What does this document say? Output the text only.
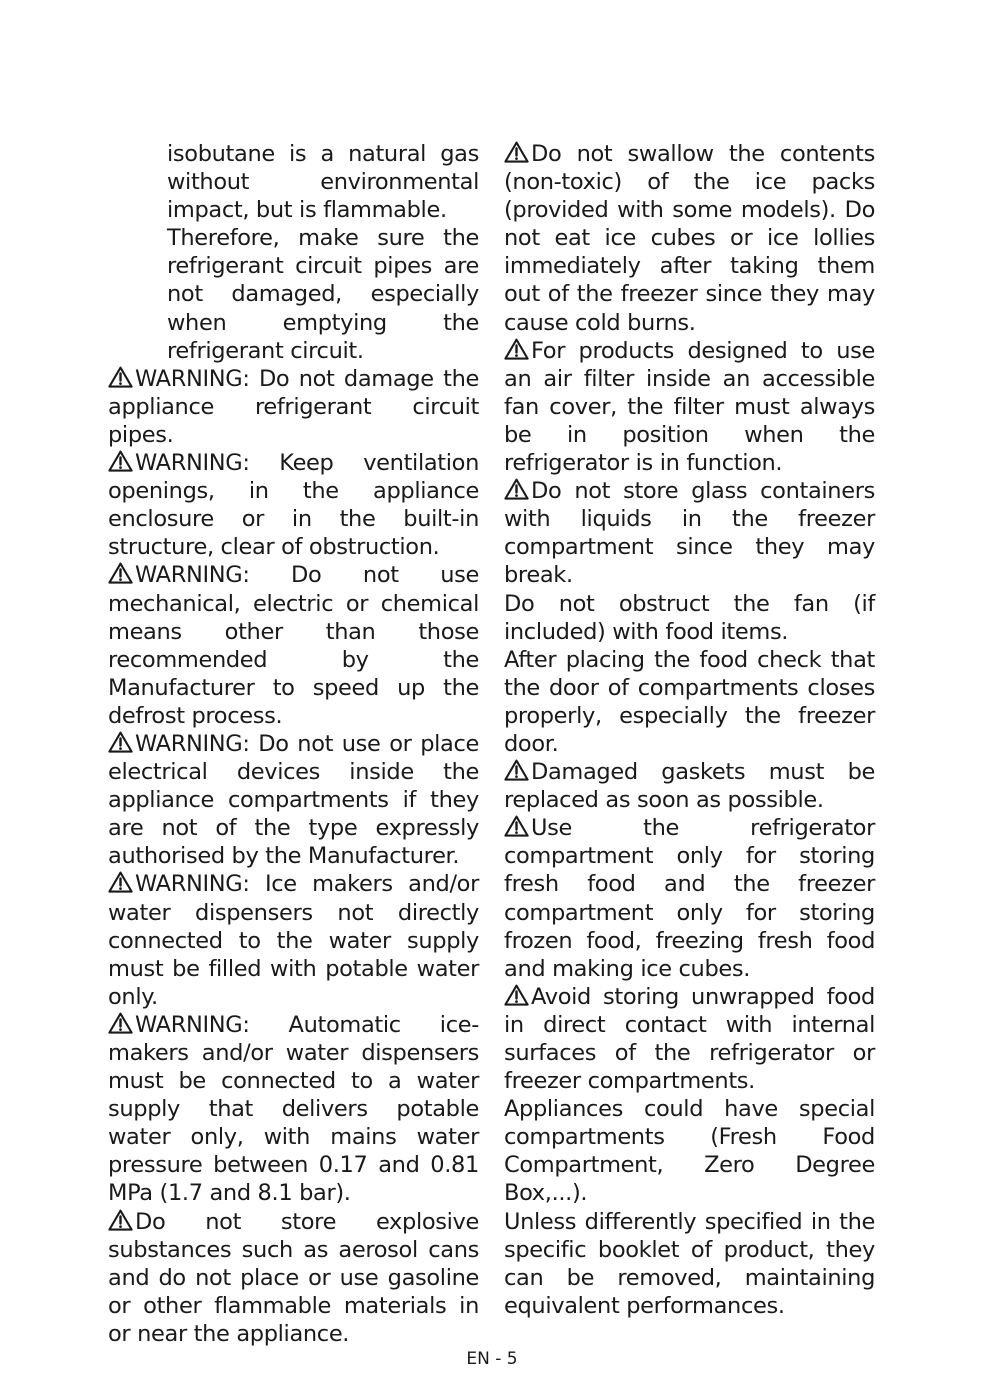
isobutane is a natural gas without environmental impact, but is flammable.

Therefore, make sure the refrigerant circuit pipes are not damaged, especially when emptying the refrigerant circuit.

WARNING: Do not damage the appliance refrigerant circuit pipes.

WARNING: Keep ventilation openings, in the appliance enclosure or in the built-in structure, clear of obstruction.

WARNING: Do not use mechanical, electric or chemical means other than those recommended by the Manufacturer to speed up the defrost process.

WARNING: Do not use or place electrical devices inside the appliance compartments if they are not of the type expressly authorised by the Manufacturer.

WARNING: Ice makers and/or water dispensers not directly connected to the water supply must be filled with potable water only.

WARNING: Automatic ice-makers and/or water dispensers must be connected to a water supply that delivers potable water only, with mains water pressure between 0.17 and 0.81 MPa (1.7 and 8.1 bar).

Do not store explosive substances such as aerosol cans and do not place or use gasoline or other flammable materials in or near the appliance.

Do not swallow the contents (non-toxic) of the ice packs (provided with some models). Do not eat ice cubes or ice lollies immediately after taking them out of the freezer since they may cause cold burns.

For products designed to use an air filter inside an accessible fan cover, the filter must always be in position when the refrigerator is in function.

Do not store glass containers with liquids in the freezer compartment since they may break.

Do not obstruct the fan (if included) with food items.

After placing the food check that the door of compartments closes properly, especially the freezer door.

Damaged gaskets must be replaced as soon as possible.

Use the refrigerator compartment only for storing fresh food and the freezer compartment only for storing frozen food, freezing fresh food and making ice cubes.

Avoid storing unwrapped food in direct contact with internal surfaces of the refrigerator or freezer compartments.

Appliances could have special compartments (Fresh Food Compartment, Zero Degree Box,...).

Unless differently specified in the specific booklet of product, they can be removed, maintaining equivalent performances.

EN - 5
